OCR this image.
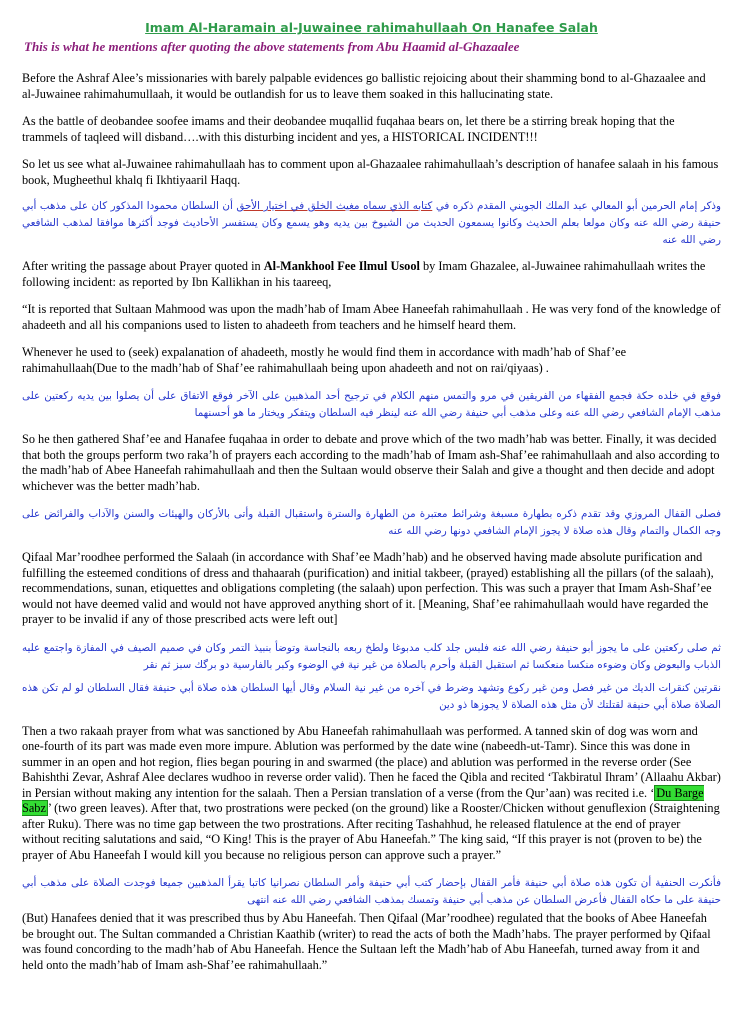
Imam Al-Haramain al-Juwainee rahimahullaah On Hanafee Salah
This is what he mentions after quoting the above statements from Abu Haamid al-Ghazaalee

Before the Ashraf Alee’s missionaries with barely palpable evidences go ballistic rejoicing about their shamming bond to al-Ghazaalee and al-Juwainee rahimahumullaah, it would be outlandish for us to leave them soaked in this hallucinating state.

As the battle of deobandee soofee imams and their deobandee muqallid fuqahaa bears on, let there be a stirring break hoping that the trammels of taqleed will disband….with this disturbing incident and yes, a HISTORICAL INCIDENT!!!

So let us see what al-Juwainee rahimahullaah has to comment upon al-Ghazaalee rahimahullaah’s description of hanafee salaah in his famous book, Mugheethul khalq fi Ikhtiyaaril Haqq.

وذكر إمام الحرمين أبو المعالي عبد الملك الجويني المقدم ذكره في كتابه الذي سماه مغيث الخلق في اختيار الأحق أن السلطان محمودا المذكور كان على مذهب أبي حنيفة رضي الله عنه وكان مولعا بعلم الحديث وكانوا يسمعون الحديث من الشيوخ بين يديه وهو يسمع وكان يستفسر الأحاديث فوجد أكثرها موافقا لمذهب الشافعي رضي الله عنه

After writing the passage about Prayer quoted in Al-Mankhool Fee Ilmul Usool by Imam Ghazalee, al-Juwainee rahimahullaah writes the following incident: as reported by Ibn Kallikhan in his taareeq,

“It is reported that Sultaan Mahmood was upon the madh’hab of Imam Abee Haneefah rahimahullaah . He was very fond of the knowledge of ahadeeth and all his companions used to listen to ahadeeth from teachers and he himself heard them.

Whenever he used to (seek) expalanation of ahadeeth, mostly he would find them in accordance with madh’hab of Shaf’ee rahimahullaah(Due to the madh’hab of Shaf’ee rahimahullaah being upon ahadeeth and not on rai/qiyaas) .

فوقع في خلده حكة فجمع الفقهاء من الفريقين في مرو والتمس منهم الكلام في ترجيح أحد المذهبين على الآخر فوقع الاتفاق على أن يصلوا بين يديه ركعتين على مذهب الإمام الشافعي رضي الله عنه وعلى مذهب أبي حنيفة رضي الله عنه لينظر فيه السلطان ويتفكر ويختار ما هو أحسنهما

So he then gathered Shaf’ee and Hanafee fuqahaa in order to debate and prove which of the two madh’hab was better. Finally, it was decided that both the groups perform two raka’h of prayers each according to the madh’hab of Imam ash-Shaf’ee rahimahullaah and also according to the madh’hab of Abee Haneefah rahimahullaah and then the Sultaan would observe their Salah and give a thought and then decide and adopt whichever was the better madh’hab.

فصلى القفال المروزي وقد تقدم ذكره بطهارة مسبغة وشرائط معتبرة من الطهارة والسترة واستقبال القبلة وأتى بالأركان والهيئات والسنن والآداب والفرائض على وجه الكمال والتمام وقال هذه صلاة لا يجوز الإمام الشافعي دونها رضي الله عنه

Qifaal Mar’roodhee performed the Salaah (in accordance with Shaf’ee Madh’hab) and he observed having made absolute purification and fulfilling the esteemed conditions of dress and thahaarah (purification) and initial takbeer, (prayed) establishing all the pillars (of the salaah), recommendations, sunan, etiquettes and obligations completing (the salaah) upon perfection. This was such a prayer that Imam Ash-Shaf’ee would not have deemed valid and would not have approved anything short of it. [Meaning, Shaf’ee rahimahullaah would have regarded the prayer to be invalid if any of those prescribed acts were left out]

ثم صلى ركعتين على ما يجوز أبو حنيفة رضي الله عنه فلبس جلد كلب مدبوغا ولطخ ربعه بالنجاسة وتوضأ بنبيذ التمر وكان في صميم الصيف في المفازة واجتمع عليه الذباب والبعوض وكان وضوءه منكسا منعكسا ثم استقبل القبلة وأحرم بالصلاة من غير نية في الوضوء وكبر بالفارسية دو برگك سبز ثم نقر

نقرتين كنقرات الديك من غير فصل ومن غير ركوع وتشهد وضرط في آخره من غير نية السلام وقال أيها السلطان هذه صلاة أبي حنيفة فقال السلطان لو لم تكن هذه الصلاة صلاة أبي حنيفة لقتلتك لأن مثل هذه الصلاة لا يجوزها ذو دين

Then a two rakaah prayer from what was sanctioned by Abu Haneefah rahimahullaah was performed. A tanned skin of dog was worn and one-fourth of its part was made even more impure. Ablution was performed by the date wine (nabeedh-ut-Tamr). Since this was done in summer in an open and hot region, flies began pouring in and swarmed (the place) and ablution was performed in the reverse order (See Bahishthi Zevar, Ashraf Alee declares wudhoo in reverse order valid). Then he faced the Qibla and recited ‘Takbiratul Ihram’ (Allaahu Akbar) in Persian without making any intention for the salaah. Then a Persian translation of a verse (from the Qur’aan) was recited i.e. ‘ Du Barge Sabz ’ (two green leaves). After that, two prostrations were pecked (on the ground) like a Rooster/Chicken without genuflexion (Straightening after Ruku). There was no time gap between the two prostrations. After reciting Tashahhud, he released flatulence at the end of prayer without reciting salutations and said, “O King! This is the prayer of Abu Haneefah.” The king said, “If this prayer is not (proven to be) the prayer of Abu Haneefah I would kill you because no religious person can approve such a prayer.”

فأنكرت الحنفية أن تكون هذه صلاة أبي حنيفة فأمر القفال بإحضار كتب أبي حنيفة وأمر السلطان نصرانيا كاتبا يقرأ المذهبين جميعا فوجدت الصلاة على مذهب أبي حنيفة على ما حكاه القفال فأعرض السلطان عن مذهب أبي حنيفة وتمسك بمذهب الشافعي رضي الله عنه انتهى

(But) Hanafees denied that it was prescribed thus by Abu Haneefah. Then Qifaal (Mar’roodhee) regulated that the books of Abee Haneefah be brought out. The Sultan commanded a Christian Kaathib (writer) to read the acts of both the Madh’habs. The prayer performed by Qifaal was found concording to the madh’hab of Abu Haneefah. Hence the Sultaan left the Madh’hab of Abu Haneefah, turned away from it and held onto the madh’hab of Imam ash-Shaf’ee rahimahullaah.”
